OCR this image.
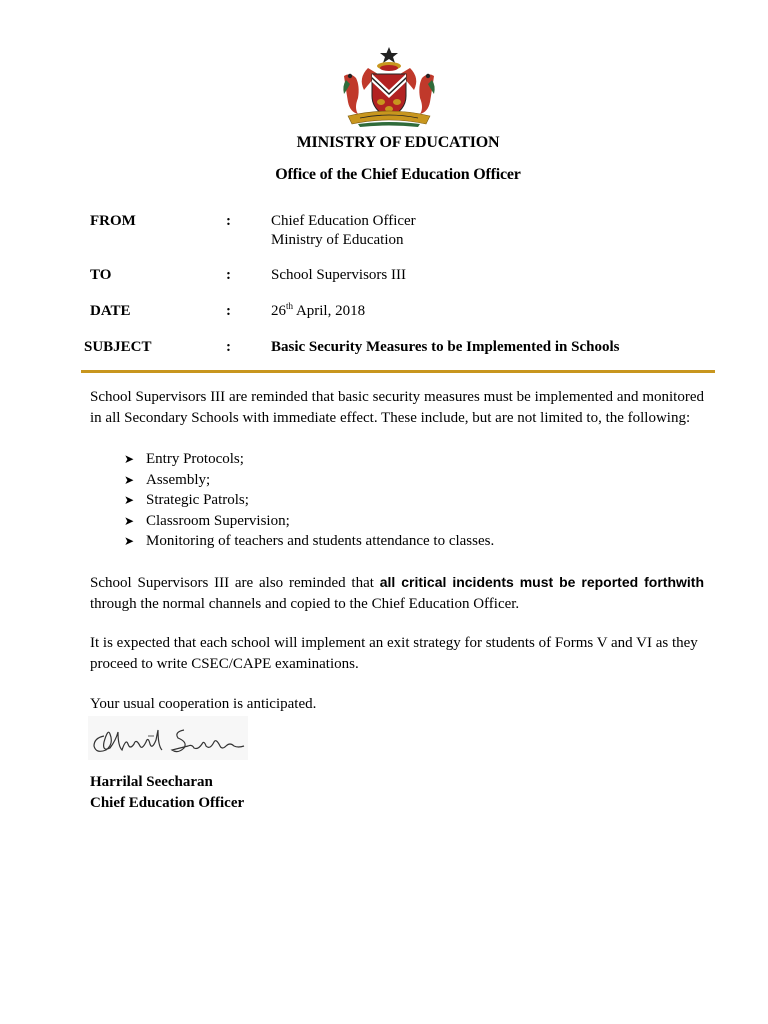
MINISTRY OF EDUCATION
Office of the Chief Education Officer
FROM	:	Chief Education Officer
Ministry of Education
TO	:	School Supervisors III
DATE	:	26th April, 2018
SUBJECT	:	Basic Security Measures to be Implemented in Schools

School Supervisors III are reminded that basic security measures must be implemented and monitored in all Secondary Schools with immediate effect. These include, but are not limited to, the following:

➤ Entry Protocols;
➤ Assembly;
➤ Strategic Patrols;
➤ Classroom Supervision;
➤ Monitoring of teachers and students attendance to classes.

School Supervisors III are also reminded that all critical incidents must be reported forthwith through the normal channels and copied to the Chief Education Officer.

It is expected that each school will implement an exit strategy for students of Forms V and VI as they proceed to write CSEC/CAPE examinations.

Your usual cooperation is anticipated.

Harrilal Seecharan
Chief Education Officer
